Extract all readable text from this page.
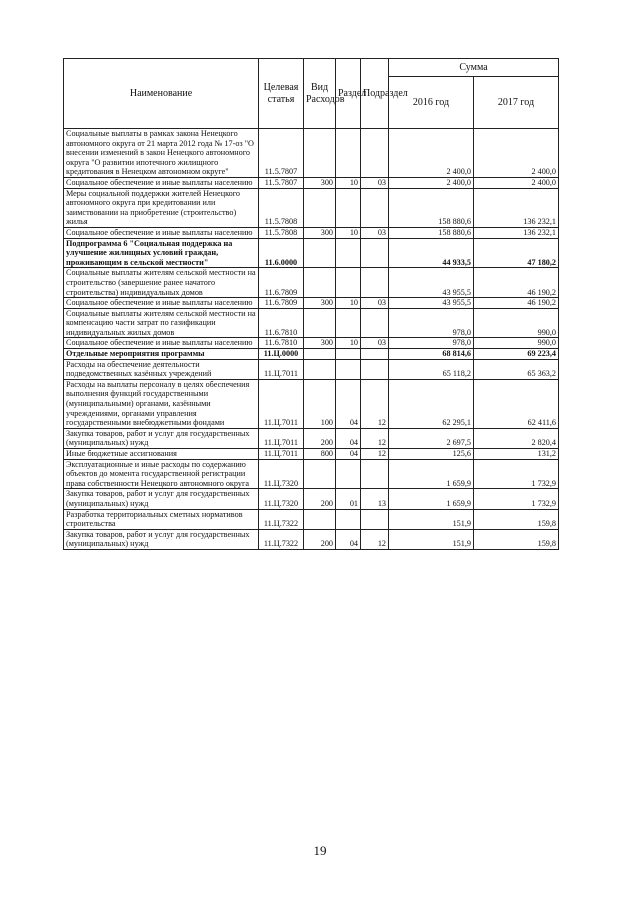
Наименование	Целевая статья	Вид Расходов	Раздел	Подраздел	Сумма	
					2016 год	2017 год
Социальные выплаты в рамках закона Ненецкого автономного округа от 21 марта 2012 года № 17-оз "О внесении изменений в закон Ненецкого автономного округа "О развитии ипотечного жилищного кредитования в Ненецком автономном округе"	11.5.7807				2 400,0	2 400,0
Социальное обеспечение и иные выплаты населению	11.5.7807	300	10	03	2 400,0	2 400,0
Меры социальной поддержки жителей Ненецкого автономного округа при кредитовании или заимствовании на приобретение (строительство) жилья	11.5.7808				158 880,6	136 232,1
Социальное обеспечение и иные выплаты населению	11.5.7808	300	10	03	158 880,6	136 232,1
Подпрограмма 6 "Социальная поддержка на улучшение жилищных условий граждан, проживающим в сельской местности"	11.6.0000				44 933,5	47 180,2
Социальные выплаты жителям сельской местности на строительство (завершение ранее начатого строительства) индивидуальных домов	11.6.7809				43 955,5	46 190,2
Социальное обеспечение и иные выплаты населению	11.6.7809	300	10	03	43 955,5	46 190,2
Социальные выплаты жителям сельской местности на компенсацию части затрат по газификации индивидуальных жилых домов	11.6.7810				978,0	990,0
Социальное обеспечение и иные выплаты населению	11.6.7810	300	10	03	978,0	990,0
Отдельные мероприятия программы	11.Ц.0000				68 814,6	69 223,4
Расходы на обеспечение деятельности подведомственных казённых учреждений	11.Ц.7011				65 118,2	65 363,2
Расходы на выплаты персоналу в целях обеспечения выполнения функций государственными (муниципальными) органами, казёнными учреждениями, органами управления государственными внебюджетными фондами	11.Ц.7011	100	04	12	62 295,1	62 411,6
Закупка товаров, работ и услуг для государственных (муниципальных) нужд	11.Ц.7011	200	04	12	2 697,5	2 820,4
Иные бюджетные ассигнования	11.Ц.7011	800	04	12	125,6	131,2
Эксплуатационные и иные расходы по содержанию объектов до момента государственной регистрации права собственности Ненецкого автономного округа	11.Ц.7320				1 659,9	1 732,9
Закупка товаров, работ и услуг для государственных (муниципальных) нужд	11.Ц.7320	200	01	13	1 659,9	1 732,9
Разработка территориальных сметных нормативов строительства	11.Ц.7322				151,9	159,8
Закупка товаров, работ и услуг для государственных (муниципальных) нужд	11.Ц.7322	200	04	12	151,9	159,8
19
